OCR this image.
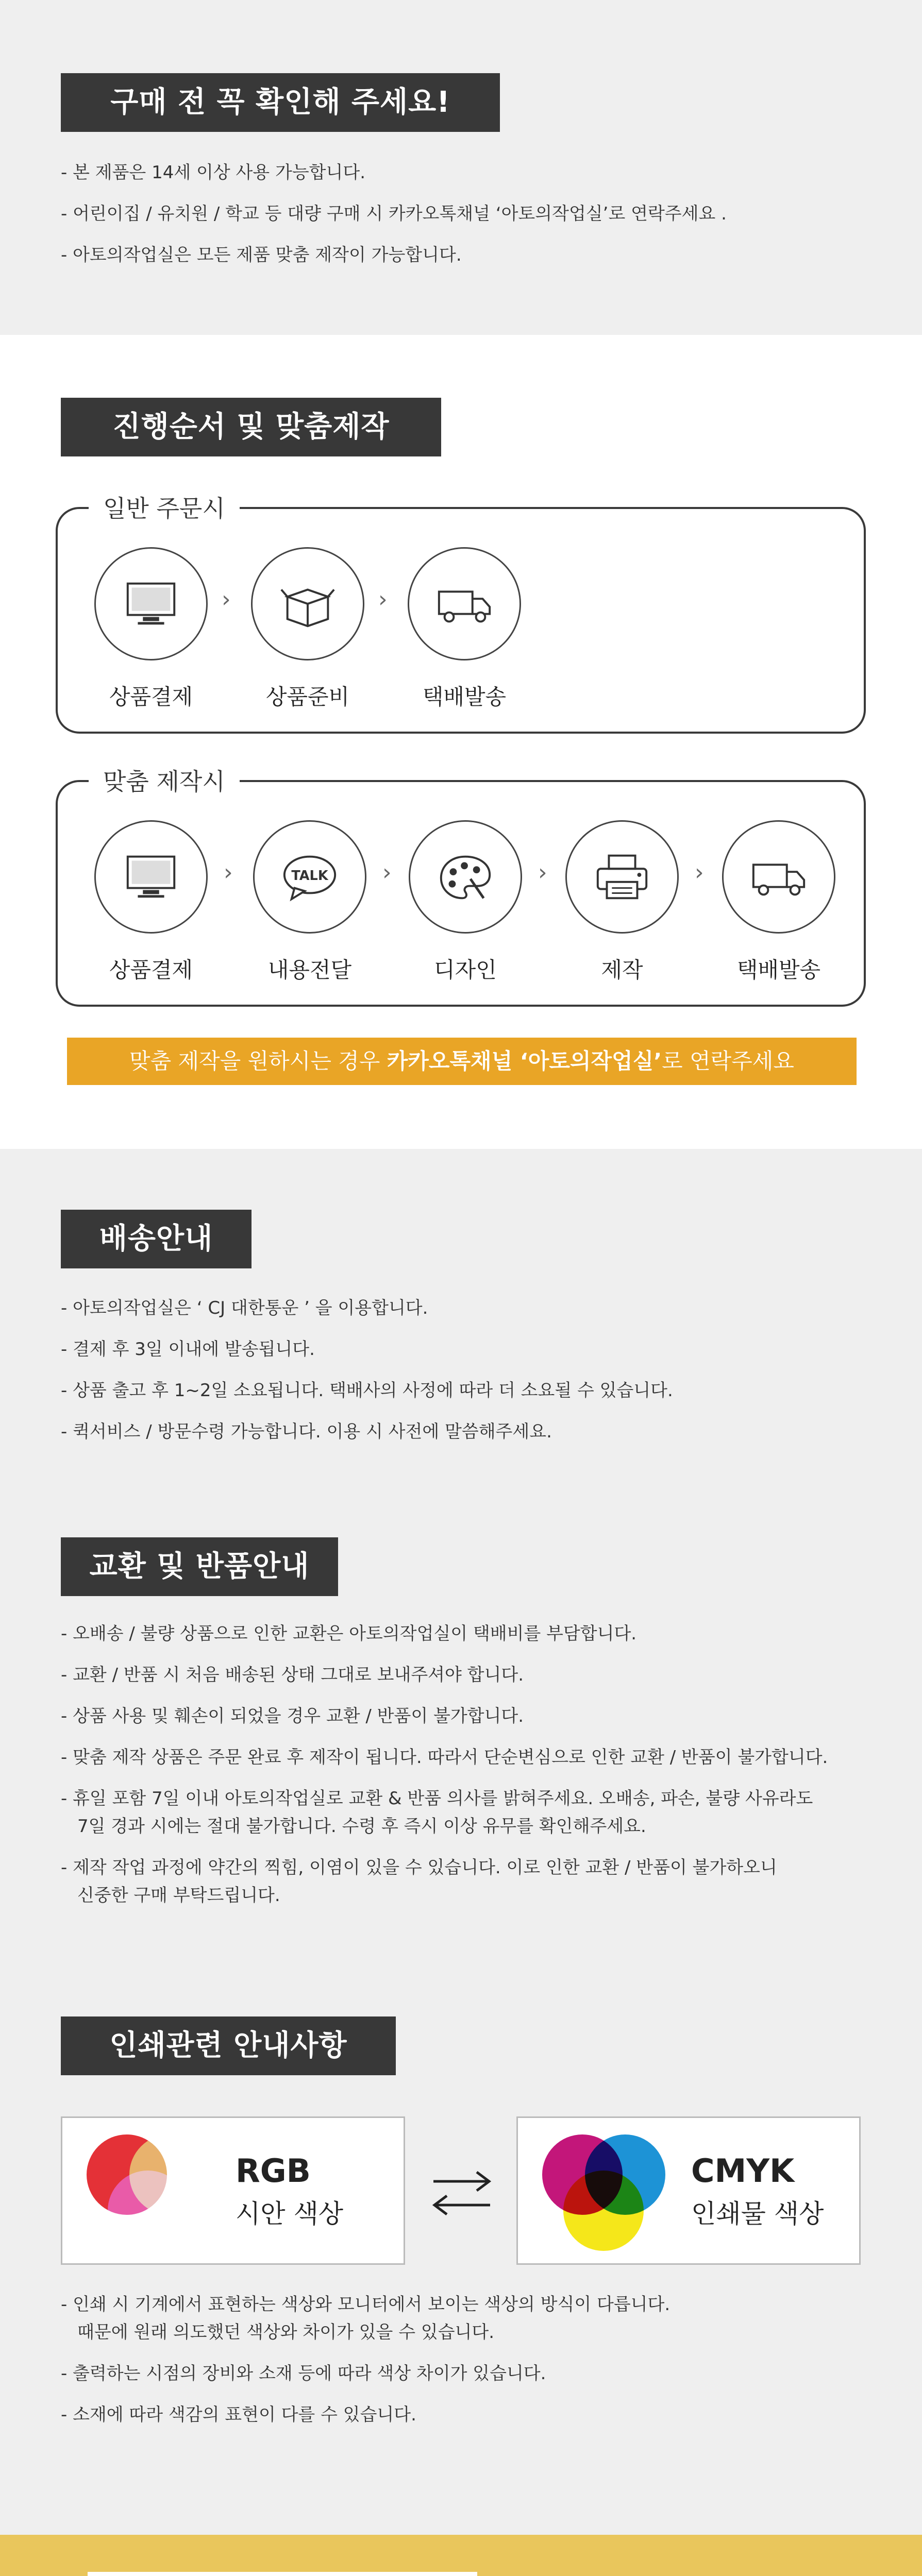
구매 전 꼭 확인해 주세요!
- 본 제품은 14세 이상 사용 가능합니다.
- 어린이집 / 유치원 / 학교 등 대량 구매 시 카카오톡채널 ‘아토의작업실’로 연락주세요 .
- 아토의작업실은 모든 제품 맞춤 제작이 가능합니다.
진행순서 및 맞춤제작
일반 주문시
상품결제
›
상품준비
›
택배발송
맞춤 제작시
상품결제
›	TALK
내용전달
›
디자인
›
제작
›
택배발송
맞춤 제작을 원하시는 경우 카카오톡채널 ‘아토의작업실’로 연락주세요
배송안내
- 아토의작업실은 ‘ CJ 대한통운 ’ 을 이용합니다.
- 결제 후 3일 이내에 발송됩니다.
- 상품 출고 후 1~2일 소요됩니다. 택배사의 사정에 따라 더 소요될 수 있습니다.
- 퀵서비스 / 방문수령 가능합니다. 이용 시 사전에 말씀해주세요.
교환 및 반품안내
- 오배송 / 불량 상품으로 인한 교환은 아토의작업실이 택배비를 부담합니다.
- 교환 / 반품 시 처음 배송된 상태 그대로 보내주셔야 합니다.
- 상품 사용 및 훼손이 되었을 경우 교환 / 반품이 불가합니다.
- 맞춤 제작 상품은 주문 완료 후 제작이 됩니다. 따라서 단순변심으로 인한 교환 / 반품이 불가합니다.
- 휴일 포함 7일 이내 아토의작업실로 교환 & 반품 의사를 밝혀주세요. 오배송, 파손, 불량 사유라도
7일 경과 시에는 절대 불가합니다. 수령 후 즉시 이상 유무를 확인해주세요.
- 제작 작업 과정에 약간의 찍힘, 이염이 있을 수 있습니다. 이로 인한 교환 / 반품이 불가하오니
신중한 구매 부탁드립니다.
인쇄관련 안내사항
RGB
시안 색상
CMYK
인쇄물 색상
- 인쇄 시 기계에서 표현하는 색상와 모니터에서 보이는 색상의 방식이 다릅니다.
때문에 원래 의도했던 색상와 차이가 있을 수 있습니다.
- 출력하는 시점의 장비와 소재 등에 따라 색상 차이가 있습니다.
- 소재에 따라 색감의 표현이 다를 수 있습니다.
